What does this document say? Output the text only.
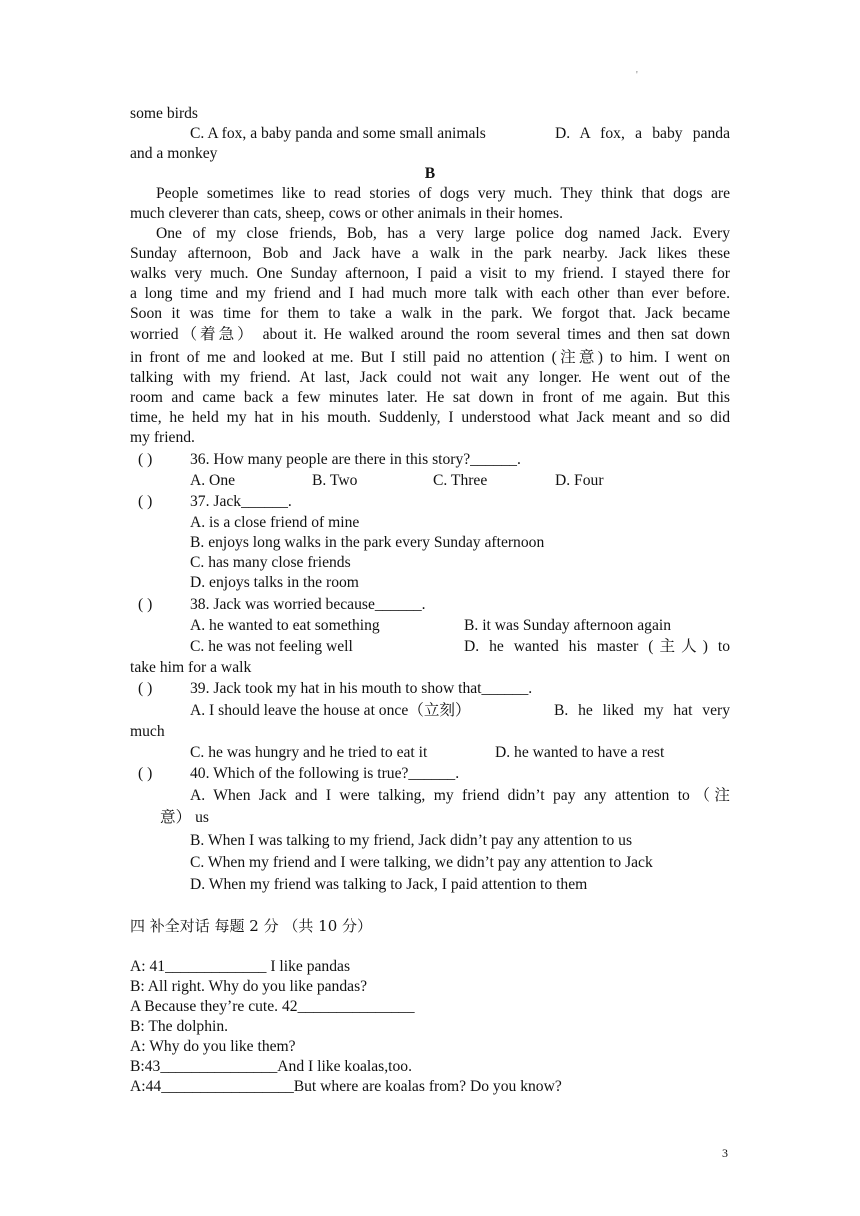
'
some birds
C. A fox, a baby panda and some small animals	D. A fox, a baby panda
and a monkey
B
People sometimes like to read stories of dogs very much. They think that dogs are
much cleverer than cats, sheep, cows or other animals in their homes.
One of my close friends, Bob, has a very large police dog named Jack. Every
Sunday afternoon, Bob and Jack have a walk in the park nearby. Jack likes these
walks very much. One Sunday afternoon, I paid a visit to my friend. I stayed there for
a long time and my friend and I had much more talk with each other than ever before.
Soon it was time for them to take a walk in the park. We forgot that. Jack became
worried（着急） about it. He walked around the room several times and then sat down
in front of me and looked at me. But I still paid no attention (注意) to him. I went on
talking with my friend. At last, Jack could not wait any longer. He went out of the
room and came back a few minutes later. He sat down in front of me again. But this
time, he held my hat in his mouth. Suddenly, I understood what Jack meant and so did
my friend.
( ) 36. How many people are there in this story?______.
A. One	B. Two	C. Three	D. Four
( ) 37. Jack______.
A. is a close friend of mine
B. enjoys long walks in the park every Sunday afternoon
C. has many close friends
D. enjoys talks in the room
( ) 38. Jack was worried because______.
A. he wanted to eat something	B. it was Sunday afternoon again
C. he was not feeling well	D. he wanted his master (主人) to
take him for a walk
( ) 39. Jack took my hat in his mouth to show that______.
A. I should leave the house at once（立刻）	B. he liked my hat very
much
C. he was hungry and he tried to eat it	D. he wanted to have a rest
( ) 40. Which of the following is true?______.
A. When Jack and I were talking, my friend didn’t pay any attention to（注
意） us
B. When I was talking to my friend, Jack didn’t pay any attention to us
C. When my friend and I were talking, we didn’t pay any attention to Jack
D. When my friend was talking to Jack, I paid attention to them
四 补全对话 每题 2 分 （共 10 分）
A: 41_____________ I like pandas
B: All right. Why do you like pandas?
A Because they’re cute. 42_______________
B: The dolphin.
A: Why do you like them?
B:43_______________And I like koalas,too.
A:44_________________But where are koalas from? Do you know?
3
